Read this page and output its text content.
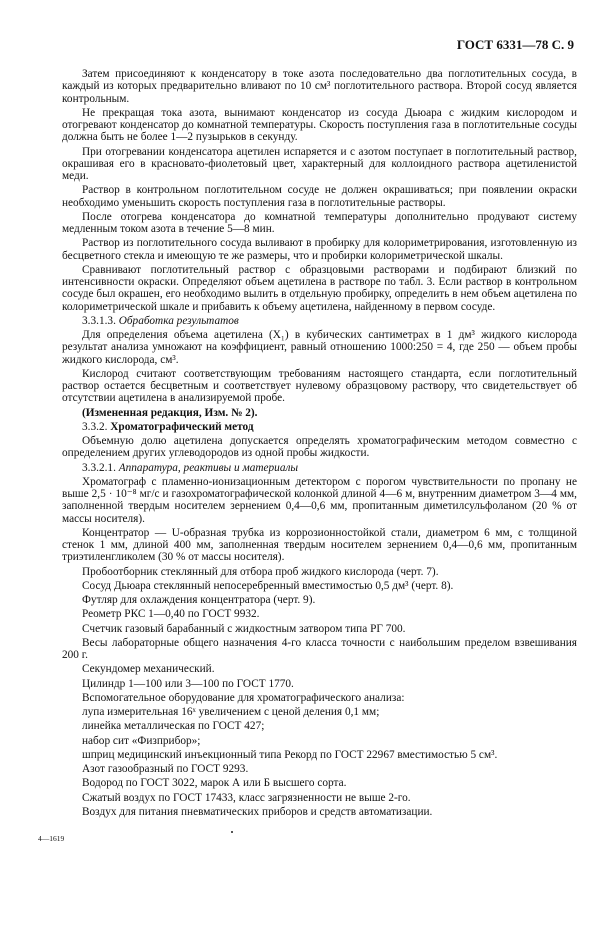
ГОСТ 6331—78 С. 9

Затем присоединяют к конденсатору в токе азота последовательно два поглотительных сосуда, в каждый из которых предварительно вливают по 10 см³ поглотительного раствора. Второй сосуд является контрольным.

Не прекращая тока азота, вынимают конденсатор из сосуда Дьюара с жидким кислородом и отогревают конденсатор до комнатной температуры. Скорость поступления газа в поглотительные сосуды должна быть не более 1—2 пузырьков в секунду.

При отогревании конденсатора ацетилен испаряется и с азотом поступает в поглотительный раствор, окрашивая его в красновато-фиолетовый цвет, характерный для коллоидного раствора ацетиленистой меди.

Раствор в контрольном поглотительном сосуде не должен окрашиваться; при появлении окраски необходимо уменьшить скорость поступления газа в поглотительные растворы.

После отогрева конденсатора до комнатной температуры дополнительно продувают систему медленным током азота в течение 5—8 мин.

Раствор из поглотительного сосуда выливают в пробирку для колориметрирования, изготовленную из бесцветного стекла и имеющую те же размеры, что и пробирки колориметрической шкалы.

Сравнивают поглотительный раствор с образцовыми растворами и подбирают близкий по интенсивности окраски. Определяют объем ацетилена в растворе по табл. 3. Если раствор в контрольном сосуде был окрашен, его необходимо вылить в отдельную пробирку, определить в нем объем ацетилена по колориметрической шкале и прибавить к объему ацетилена, найденному в первом сосуде.

3.3.1.3. Обработка результатов

Для определения объема ацетилена (X₁) в кубических сантиметрах в 1 дм³ жидкого кислорода результат анализа умножают на коэффициент, равный отношению 1000:250 = 4, где 250 — объем пробы жидкого кислорода, см³.

Кислород считают соответствующим требованиям настоящего стандарта, если поглотительный раствор остается бесцветным и соответствует нулевому образцовому раствору, что свидетельствует об отсутствии ацетилена в анализируемой пробе.

(Измененная редакция, Изм. № 2).

3.3.2. Хроматографический метод

Объемную долю ацетилена допускается определять хроматографическим методом совместно с определением других углеводородов из одной пробы жидкости.

3.3.2.1. Аппаратура, реактивы и материалы

Хроматограф с пламенно-ионизационным детектором с порогом чувствительности по пропану не выше 2,5 · 10⁻⁸ мг/с и газохроматографической колонкой длиной 4—6 м, внутренним диаметром 3—4 мм, заполненной твердым носителем зернением 0,4—0,6 мм, пропитанным диметилсульфоланом (20 % от массы носителя).

Концентратор — U-образная трубка из коррозионностойкой стали, диаметром 6 мм, с толщиной стенок 1 мм, длиной 400 мм, заполненная твердым носителем зернением 0,4—0,6 мм, пропитанным триэтиленгликолем (30 % от массы носителя).

Пробоотборник стеклянный для отбора проб жидкого кислорода (черт. 7).

Сосуд Дьюара стеклянный непосеребренный вместимостью 0,5 дм³ (черт. 8).

Футляр для охлаждения концентратора (черт. 9).

Реометр РКС 1—0,40 по ГОСТ 9932.

Счетчик газовый барабанный с жидкостным затвором типа РГ 700.

Весы лабораторные общего назначения 4-го класса точности с наибольшим пределом взвешивания 200 г.

Секундомер механический.

Цилиндр 1—100 или 3—100 по ГОСТ 1770.

Вспомогательное оборудование для хроматографического анализа:

лупа измерительная 16ˣ увеличением с ценой деления 0,1 мм;

линейка металлическая по ГОСТ 427;

набор сит «Физприбор»;

шприц медицинский инъекционный типа Рекорд по ГОСТ 22967 вместимостью 5 см³.

Азот газообразный по ГОСТ 9293.

Водород по ГОСТ 3022, марок А или Б высшего сорта.

Сжатый воздух по ГОСТ 17433, класс загрязненности не выше 2-го.

Воздух для питания пневматических приборов и средств автоматизации.

4—1619
